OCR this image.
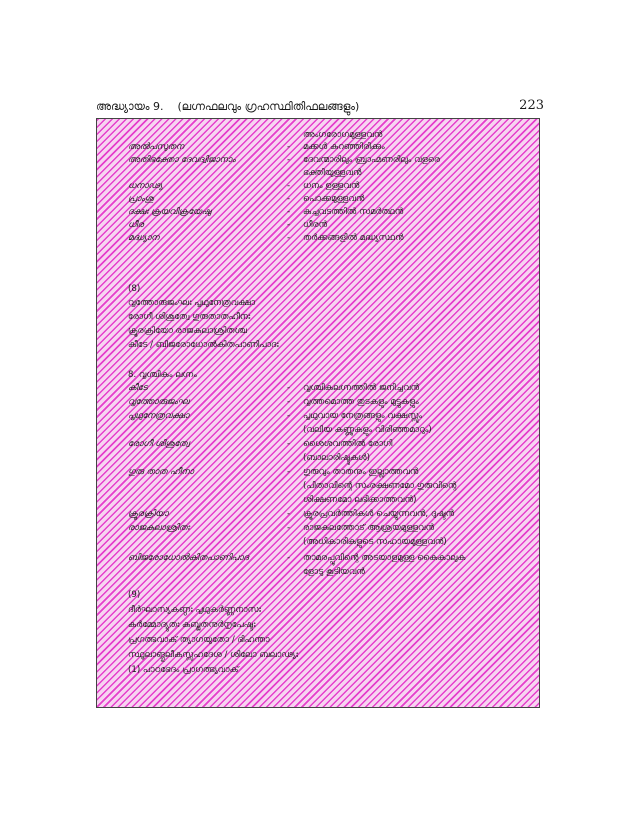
അദ്ധ്യായം 9. (ലഗ്നഫലവും ഗ്രഹസ്ഥിതിഫലങ്ങളും)	223
അംഗരോഗമുള്ളവൻ
അൽപസുതന	- മക്കൾ കുറഞ്ഞിരിക്കും
അതിഭക്തോ ദേവദ്വിജാനാം	- ദേവന്മാരിലും ബ്രാഹ്മണരിലും വളരെ
ഭക്തിയുള്ളവൻ
ധനാഢ്യ	- ധനം ഉള്ളവൻ
പ്രാംശു	- പൊക്കമുള്ളവൻ
ദക്ഷഃ ക്രയവിക്രയേഷു	- കച്ചവടത്തിൽ സമർത്ഥൻ
ധീര	- ധീരൻ
മദ്ധ്യാന	- തർക്കങ്ങളിൽ മദ്ധ്യസ്ഥൻ
(8)
വൃത്തോരുജംഘഃ പൃഥുനേത്രവക്ഷാ
രോഗീ ശിശുത്വേ ഗുരുതാതഹീനഃ
ക്രൂരക്രിയോ രാജകുലാശ്രിതശ്ച
കീടേ / ബിജരോധോൽകിതപാണിപാദഃ
8. വൃശ്ചികം ലഗ്നം
കീടേ	- വൃശ്ചികലഗ്നത്തിൽ ജനിച്ചവൻ
വൃത്തോരുജംഘ	- വൃത്തമൊത്ത തുടകളും മുട്ടുകളും
പൃഥുനേത്രവക്ഷാ	- പൃഥുവായ നേത്രങ്ങളും വക്ഷസ്സും
(വലിയ കണ്ണുകളും വിരിഞ്ഞമാറും)
രോഗീ ശിശുത്വേ	- ശൈശവത്തിൽ രോഗി
(ബാലാരിഷ്ടുകൾ)
ഗുരു താത ഹീനാ	- ഗുരുവും താതനും ഇല്ലാത്തവൻ
(പിതാവിന്റെ സംരക്ഷണമോ ഗുരുവിന്റെ
ശിക്ഷണമോ ലഭിക്കാത്തവൻ)
ക്രൂരക്രിയാ	- ക്രൂരപ്രവർത്തികൾ ചെയ്യുന്നവൻ, ദുഷ്ടൻ
രാജകുലാശ്രിതഃ	- രാജകുലത്തോട് ആശ്രയമുള്ളവൻ
(അധികാരികളുടെ സഹായമുള്ളവൻ)
ബിജരോധോൽകിതപാണിപാദ	- താമരപ്പൂവിന്റെ അടയാളമുള്ള കൈകാലുക
ളോടു കൂടിയവൻ
(9)
ദീർഘാസ്യകണ്ഠഃ പൃഥുകർണ്ണനാസഃ
കർമ്മോദ്യുതഃ കുബ്ജതനുർനൃപേഷ്ടഃ
പ്രഗത്ഭവാക് ത്യാഗയുതോ / ഭിഹന്താ
സ്ഥൂലാങ്ഗുലീകസ്സഹദേശ / ശിലോ ബലാഢ്യഃ
(1) പാഠഭേദം പ്രാഗത്ഭ്യവാക്
